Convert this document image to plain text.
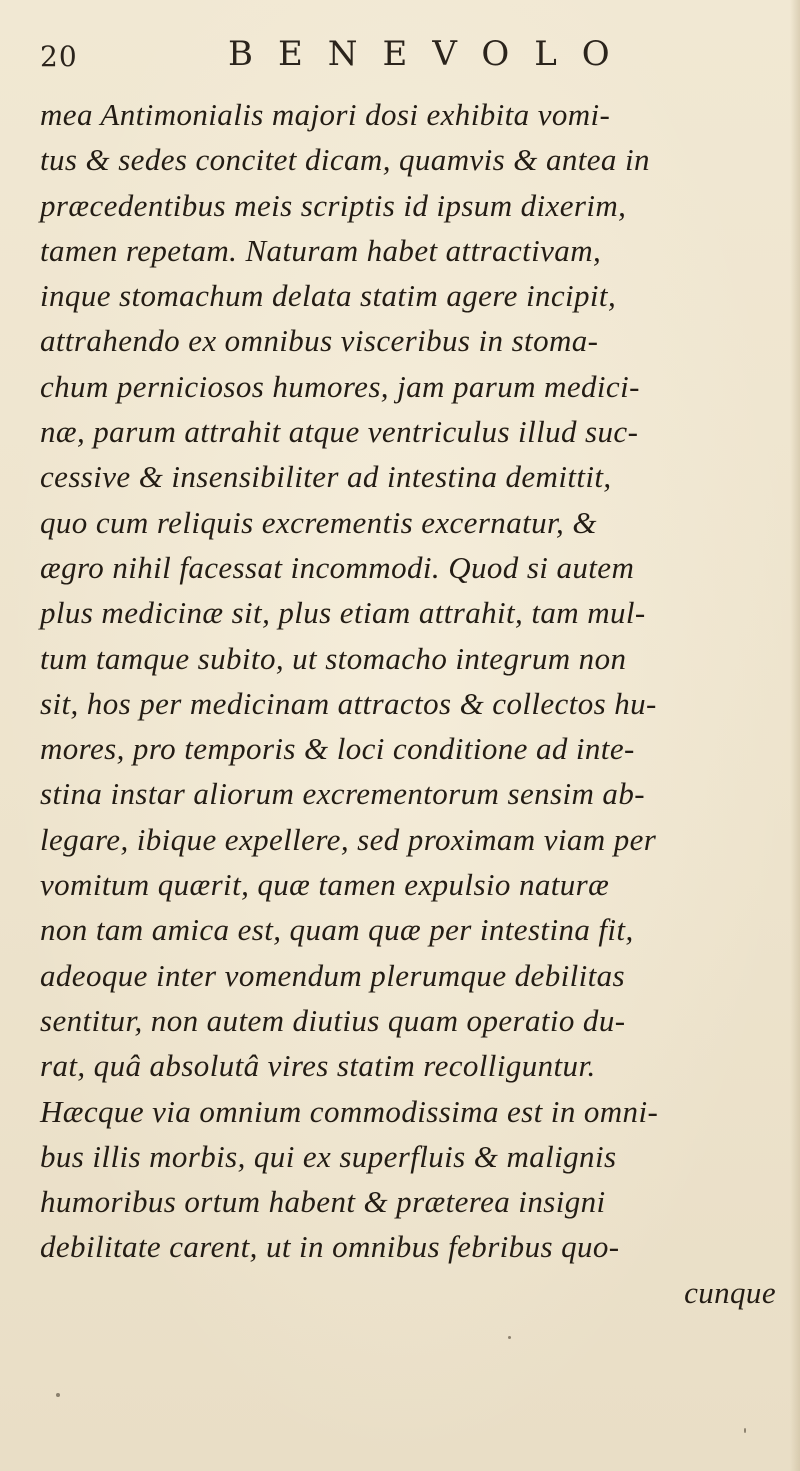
20	BENEVOLO

mea Antimonialis majori dosi exhibita vomi-

tus & sedes concitet dicam, quamvis & antea in

præcedentibus meis scriptis id ipsum dixerim,

tamen repetam. Naturam habet attractivam,

inque stomachum delata statim agere incipit,

attrahendo ex omnibus visceribus in stoma-

chum perniciosos humores, jam parum medici-

næ, parum attrahit atque ventriculus illud suc-

cessive & insensibiliter ad intestina demittit,

quo cum reliquis excrementis excernatur, &

ægro nihil facessat incommodi. Quod si autem

plus medicinæ sit, plus etiam attrahit, tam mul-

tum tamque subito, ut stomacho integrum non

sit, hos per medicinam attractos & collectos hu-

mores, pro temporis & loci conditione ad inte-

stina instar aliorum excrementorum sensim ab-

legare, ibique expellere, sed proximam viam per

vomitum quærit, quæ tamen expulsio naturæ

non tam amica est, quam quæ per intestina fit,

adeoque inter vomendum plerumque debilitas

sentitur, non autem diutius quam operatio du-

rat, quâ absolutâ vires statim recolliguntur.

Hæcque via omnium commodissima est in omni-

bus illis morbis, qui ex superfluis & malignis

humoribus ortum habent & præterea insigni

debilitate carent, ut in omnibus febribus quo-

cunque
